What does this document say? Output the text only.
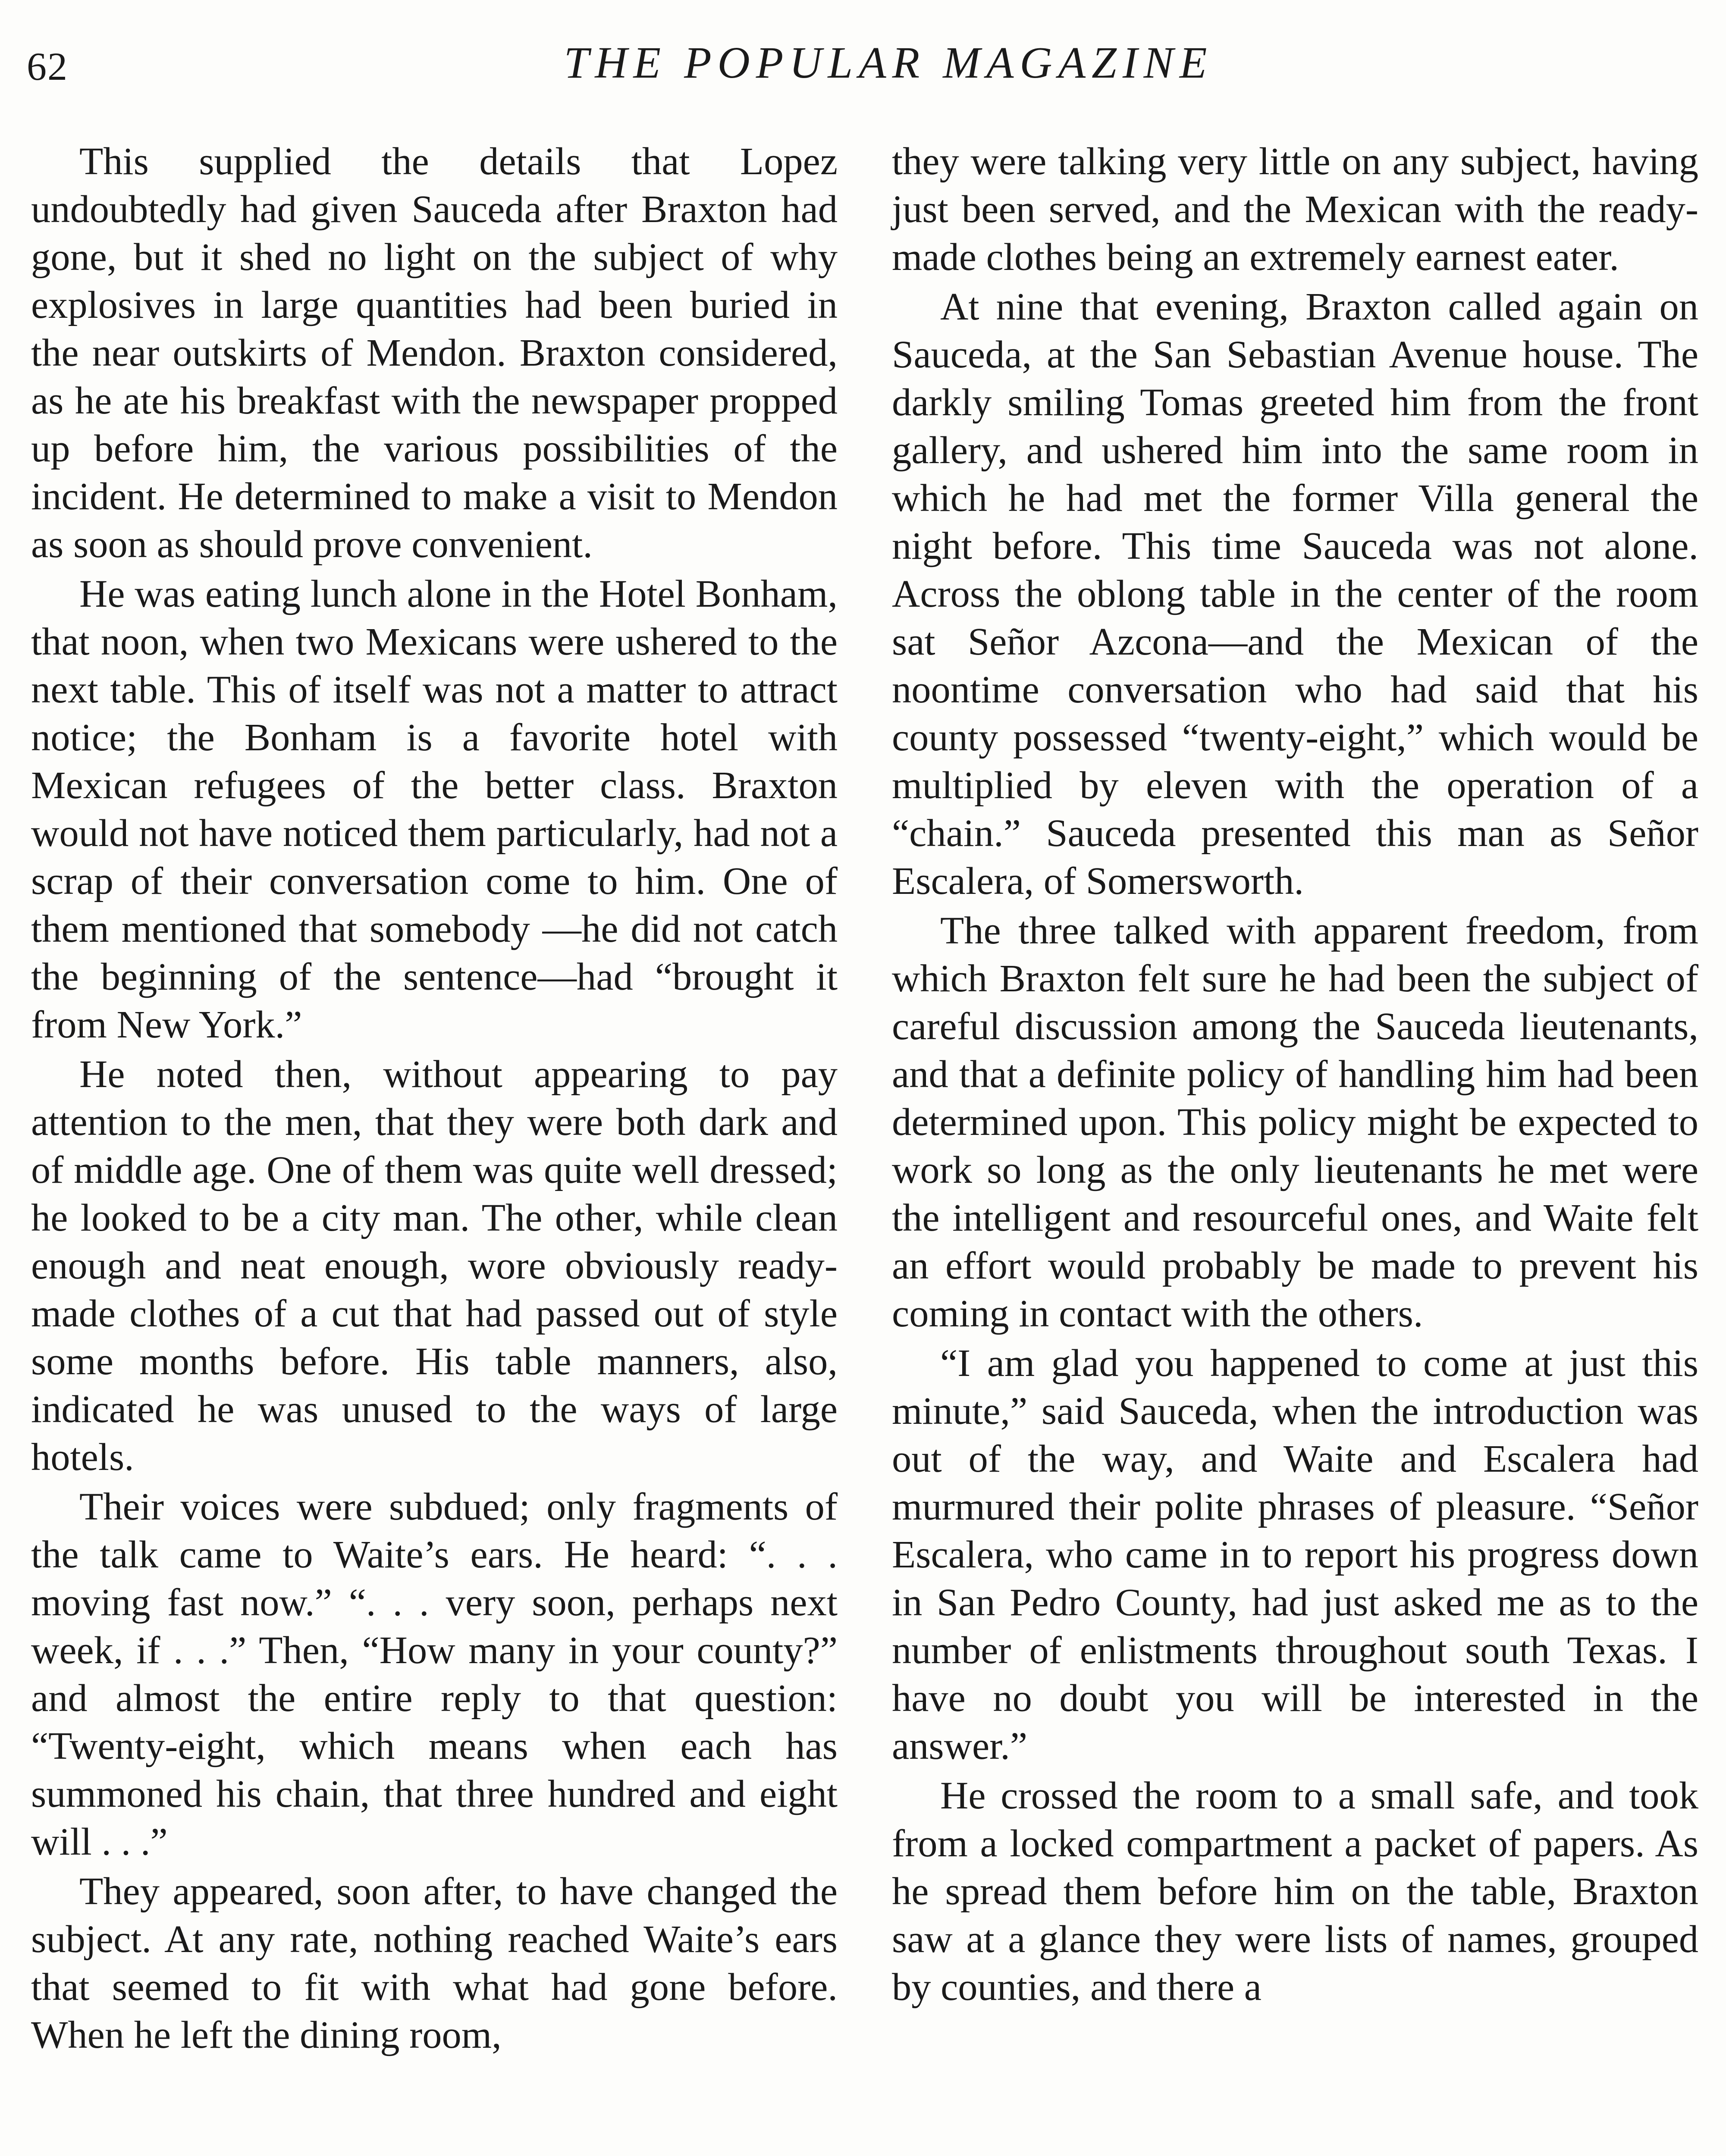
62	THE POPULAR MAGAZINE

This supplied the details that Lopez undoubtedly had given Sauceda after Braxton had gone, but it shed no light on the subject of why explosives in large quantities had been buried in the near outskirts of Mendon. Braxton considered, as he ate his breakfast with the newspaper propped up before him, the various possibilities of the incident. He determined to make a visit to Mendon as soon as should prove convenient.

He was eating lunch alone in the Hotel Bonham, that noon, when two Mexicans were ushered to the next table. This of itself was not a matter to attract notice; the Bonham is a favorite hotel with Mexican refugees of the better class. Braxton would not have noticed them particularly, had not a scrap of their conversation come to him. One of them mentioned that somebody —he did not catch the beginning of the sentence—had “brought it from New York.”

He noted then, without appearing to pay attention to the men, that they were both dark and of middle age. One of them was quite well dressed; he looked to be a city man. The other, while clean enough and neat enough, wore obviously ready-made clothes of a cut that had passed out of style some months before. His table manners, also, indicated he was unused to the ways of large hotels.

Their voices were subdued; only fragments of the talk came to Waite’s ears. He heard: “. . . moving fast now.” “. . . very soon, perhaps next week, if . . .” Then, “How many in your county?” and almost the entire reply to that question: “Twenty-eight, which means when each has summoned his chain, that three hundred and eight will . . .”

They appeared, soon after, to have changed the subject. At any rate, nothing reached Waite’s ears that seemed to fit with what had gone before. When he left the dining room,

they were talking very little on any subject, having just been served, and the Mexican with the ready-made clothes being an extremely earnest eater.

At nine that evening, Braxton called again on Sauceda, at the San Sebastian Avenue house. The darkly smiling Tomas greeted him from the front gallery, and ushered him into the same room in which he had met the former Villa general the night before. This time Sauceda was not alone. Across the oblong table in the center of the room sat Señor Azcona—and the Mexican of the noontime conversation who had said that his county possessed “twenty-eight,” which would be multiplied by eleven with the operation of a “chain.” Sauceda presented this man as Señor Escalera, of Somersworth.

The three talked with apparent freedom, from which Braxton felt sure he had been the subject of careful discussion among the Sauceda lieutenants, and that a definite policy of handling him had been determined upon. This policy might be expected to work so long as the only lieutenants he met were the intelligent and resourceful ones, and Waite felt an effort would probably be made to prevent his coming in contact with the others.

“I am glad you happened to come at just this minute,” said Sauceda, when the introduction was out of the way, and Waite and Escalera had murmured their polite phrases of pleasure. “Señor Escalera, who came in to report his progress down in San Pedro County, had just asked me as to the number of enlistments throughout south Texas. I have no doubt you will be interested in the answer.”

He crossed the room to a small safe, and took from a locked compartment a packet of papers. As he spread them before him on the table, Braxton saw at a glance they were lists of names, grouped by counties, and there a
